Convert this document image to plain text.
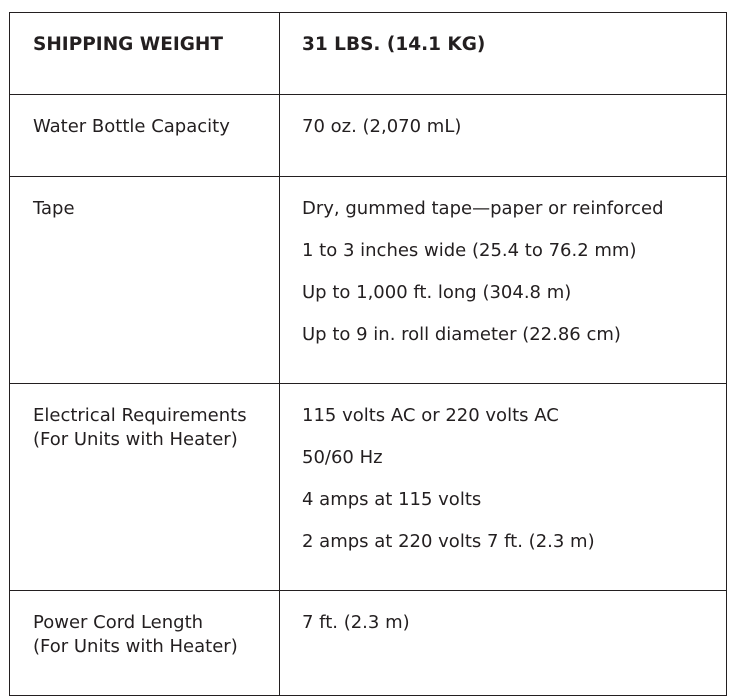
SHIPPING WEIGHT	31 LBS. (14.1 KG)

Water Bottle Capacity	70 oz. (2,070 mL)

Tape	Dry, gummed tape—paper or reinforced
1 to 3 inches wide (25.4 to 76.2 mm)
Up to 1,000 ft. long (304.8 m)
Up to 9 in. roll diameter (22.86 cm)

Electrical Requirements
(For Units with Heater)	115 volts AC or 220 volts AC
50/60 Hz
4 amps at 115 volts
2 amps at 220 volts 7 ft. (2.3 m)

Power Cord Length
(For Units with Heater)	7 ft. (2.3 m)
